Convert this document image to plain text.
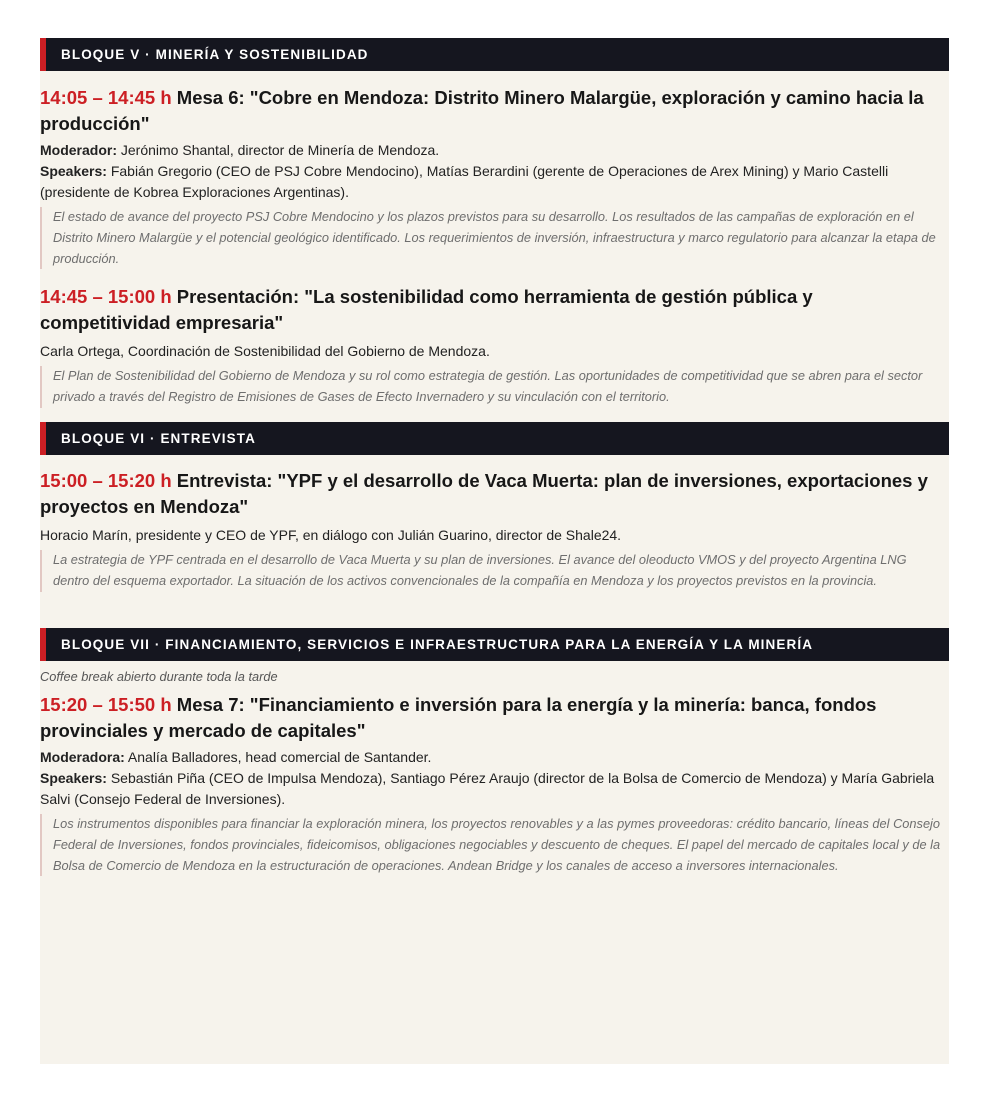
BLOQUE V · MINERÍA Y SOSTENIBILIDAD

14:05 – 14:45 h Mesa 6: "Cobre en Mendoza: Distrito Minero Malargüe, exploración y camino hacia la producción"

Moderador: Jerónimo Shantal, director de Minería de Mendoza.

Speakers: Fabián Gregorio (CEO de PSJ Cobre Mendocino), Matías Berardini (gerente de Operaciones de Arex Mining) y Mario Castelli (presidente de Kobrea Exploraciones Argentinas).

El estado de avance del proyecto PSJ Cobre Mendocino y los plazos previstos para su desarrollo. Los resultados de las campañas de exploración en el Distrito Minero Malargüe y el potencial geológico identificado. Los requerimientos de inversión, infraestructura y marco regulatorio para alcanzar la etapa de producción.

14:45 – 15:00 h Presentación: "La sostenibilidad como herramienta de gestión pública y competitividad empresaria"

Carla Ortega, Coordinación de Sostenibilidad del Gobierno de Mendoza.

El Plan de Sostenibilidad del Gobierno de Mendoza y su rol como estrategia de gestión. Las oportunidades de competitividad que se abren para el sector privado a través del Registro de Emisiones de Gases de Efecto Invernadero y su vinculación con el territorio.
BLOQUE VI · ENTREVISTA

15:00 – 15:20 h Entrevista: "YPF y el desarrollo de Vaca Muerta: plan de inversiones, exportaciones y proyectos en Mendoza"

Horacio Marín, presidente y CEO de YPF, en diálogo con Julián Guarino, director de Shale24.

La estrategia de YPF centrada en el desarrollo de Vaca Muerta y su plan de inversiones. El avance del oleoducto VMOS y del proyecto Argentina LNG dentro del esquema exportador. La situación de los activos convencionales de la compañía en Mendoza y los proyectos previstos en la provincia.
BLOQUE VII · FINANCIAMIENTO, SERVICIOS E INFRAESTRUCTURA PARA LA ENERGÍA Y LA MINERÍA
Coffee break abierto durante toda la tarde

15:20 – 15:50 h Mesa 7: "Financiamiento e inversión para la energía y la minería: banca, fondos provinciales y mercado de capitales"

Moderadora: Analía Balladores, head comercial de Santander.

Speakers: Sebastián Piña (CEO de Impulsa Mendoza), Santiago Pérez Araujo (director de la Bolsa de Comercio de Mendoza) y María Gabriela Salvi (Consejo Federal de Inversiones).

Los instrumentos disponibles para financiar la exploración minera, los proyectos renovables y a las pymes proveedoras: crédito bancario, líneas del Consejo Federal de Inversiones, fondos provinciales, fideicomisos, obligaciones negociables y descuento de cheques. El papel del mercado de capitales local y de la Bolsa de Comercio de Mendoza en la estructuración de operaciones. Andean Bridge y los canales de acceso a inversores internacionales.
